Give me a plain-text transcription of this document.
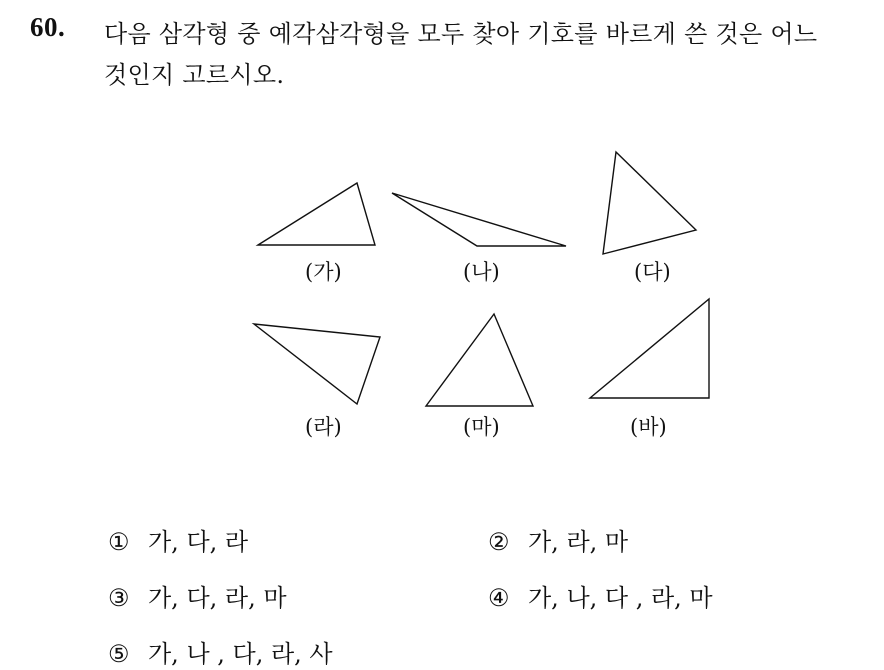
60. 다음 삼각형 중 예각삼각형을 모두 찾아 기호를 바르게 쓴 것은 어느
것인지 고르시오.
(가)	(나)	(다)
(라)	(마)	(바)
① 가, 다, 라	② 가, 라, 마
③ 가, 다, 라, 마	④ 가, 나, 다 , 라, 마
⑤ 가, 나 , 다, 라, 사
